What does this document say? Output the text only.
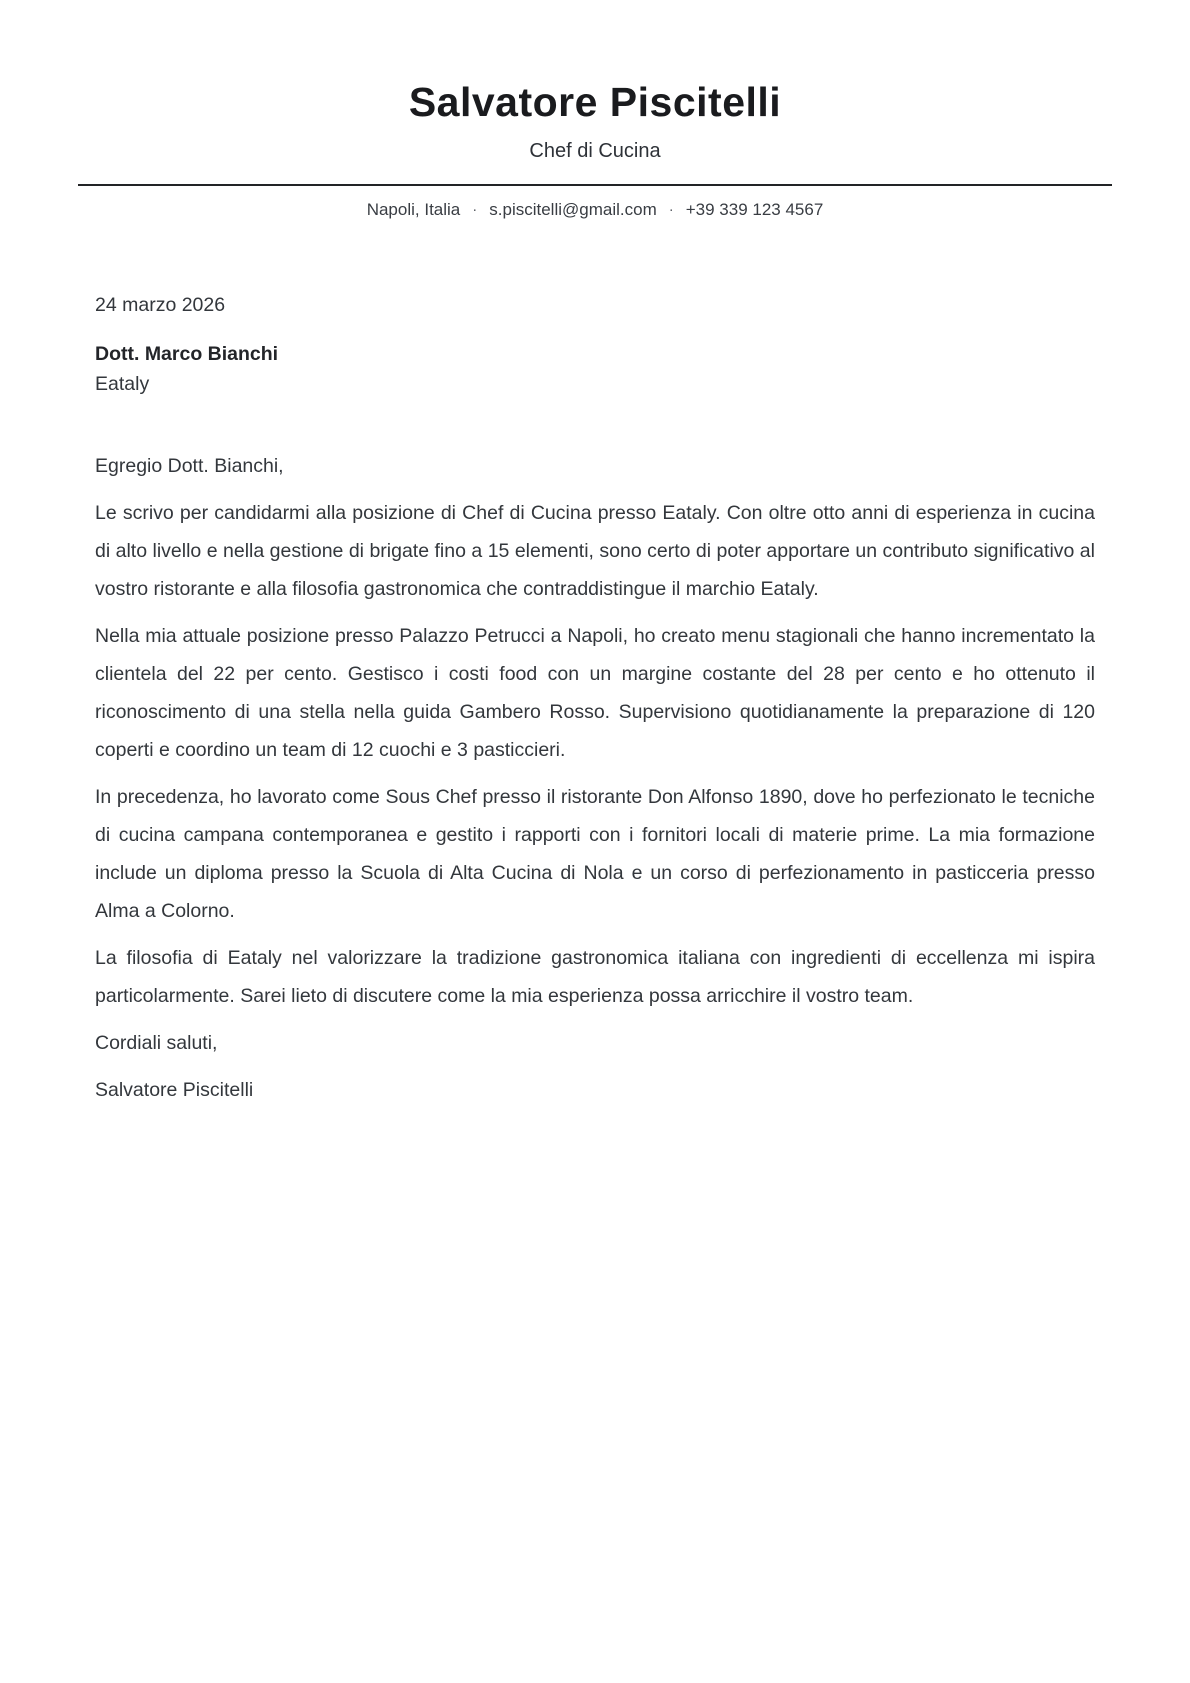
Salvatore Piscitelli
Chef di Cucina
Napoli, Italia · s.piscitelli@gmail.com · +39 339 123 4567

24 marzo 2026

Dott. Marco Bianchi
Eataly

Egregio Dott. Bianchi,

Le scrivo per candidarmi alla posizione di Chef di Cucina presso Eataly. Con oltre otto anni di esperienza in cucina di alto livello e nella gestione di brigate fino a 15 elementi, sono certo di poter apportare un contributo significativo al vostro ristorante e alla filosofia gastronomica che contraddistingue il marchio Eataly.

Nella mia attuale posizione presso Palazzo Petrucci a Napoli, ho creato menu stagionali che hanno incrementato la clientela del 22 per cento. Gestisco i costi food con un margine costante del 28 per cento e ho ottenuto il riconoscimento di una stella nella guida Gambero Rosso. Supervisiono quotidianamente la preparazione di 120 coperti e coordino un team di 12 cuochi e 3 pasticcieri.

In precedenza, ho lavorato come Sous Chef presso il ristorante Don Alfonso 1890, dove ho perfezionato le tecniche di cucina campana contemporanea e gestito i rapporti con i fornitori locali di materie prime. La mia formazione include un diploma presso la Scuola di Alta Cucina di Nola e un corso di perfezionamento in pasticceria presso Alma a Colorno.

La filosofia di Eataly nel valorizzare la tradizione gastronomica italiana con ingredienti di eccellenza mi ispira particolarmente. Sarei lieto di discutere come la mia esperienza possa arricchire il vostro team.

Cordiali saluti,

Salvatore Piscitelli
